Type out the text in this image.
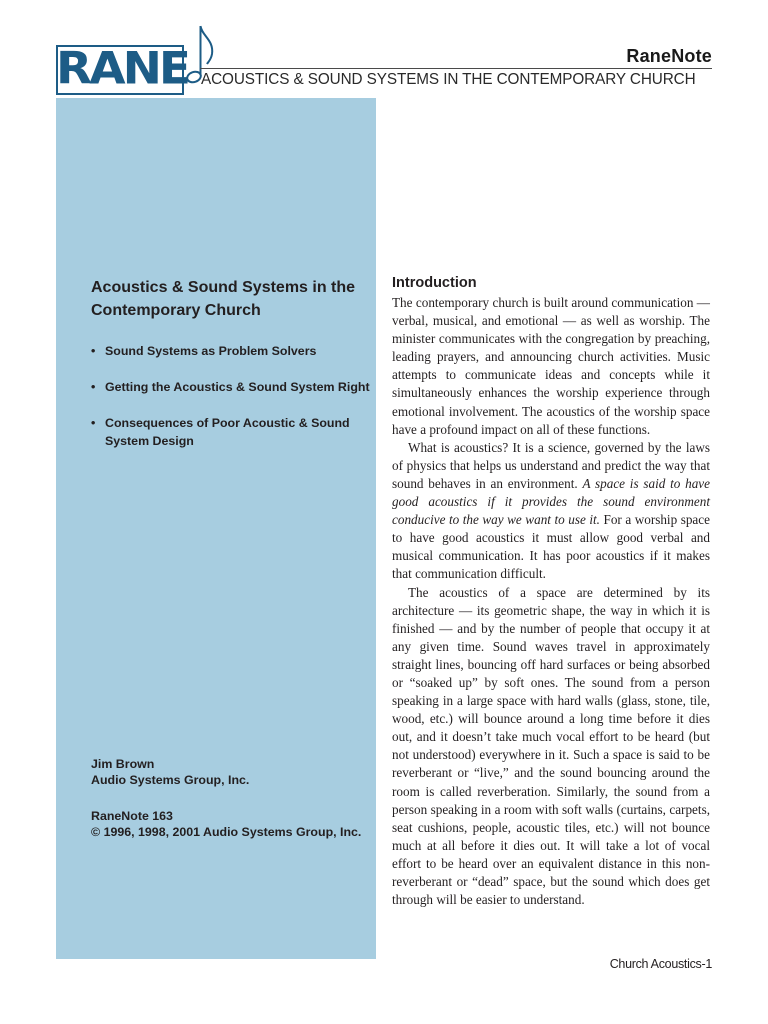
RANE	RaneNote
ACOUSTICS & SOUND SYSTEMS IN THE CONTEMPORARY CHURCH
Acoustics & Sound Systems in the Contemporary Church
• Sound Systems as Problem Solvers
• Getting the Acoustics & Sound System Right
• Consequences of Poor Acoustic & Sound System Design
Jim Brown
Audio Systems Group, Inc.
RaneNote 163
© 1996, 1998, 2001 Audio Systems Group, Inc.
Introduction

The contemporary church is built around communication — verbal, musical, and emotional — as well as worship. The minister communicates with the congregation by preaching, leading prayers, and announcing church activities. Music attempts to communicate ideas and concepts while it simultaneously enhances the worship experience through emotional involvement. The acoustics of the worship space have a profound impact on all of these functions.

What is acoustics? It is a science, governed by the laws of physics that helps us understand and predict the way that sound behaves in an environment. A space is said to have good acoustics if it provides the sound environment conducive to the way we want to use it. For a worship space to have good acoustics it must allow good verbal and musical communication. It has poor acoustics if it makes that communication difficult.

The acoustics of a space are determined by its architecture — its geometric shape, the way in which it is finished — and by the number of people that occupy it at any given time. Sound waves travel in approximately straight lines, bouncing off hard surfaces or being absorbed or “soaked up” by soft ones. The sound from a person speaking in a large space with hard walls (glass, stone, tile, wood, etc.) will bounce around a long time before it dies out, and it doesn’t take much vocal effort to be heard (but not understood) everywhere in it. Such a space is said to be reverberant or “live,” and the sound bouncing around the room is called reverberation. Similarly, the sound from a person speaking in a room with soft walls (curtains, carpets, seat cushions, people, acoustic tiles, etc.) will not bounce much at all before it dies out. It will take a lot of vocal effort to be heard over an equivalent distance in this non-reverberant or “dead” space, but the sound which does get through will be easier to understand.

Church Acoustics-1
